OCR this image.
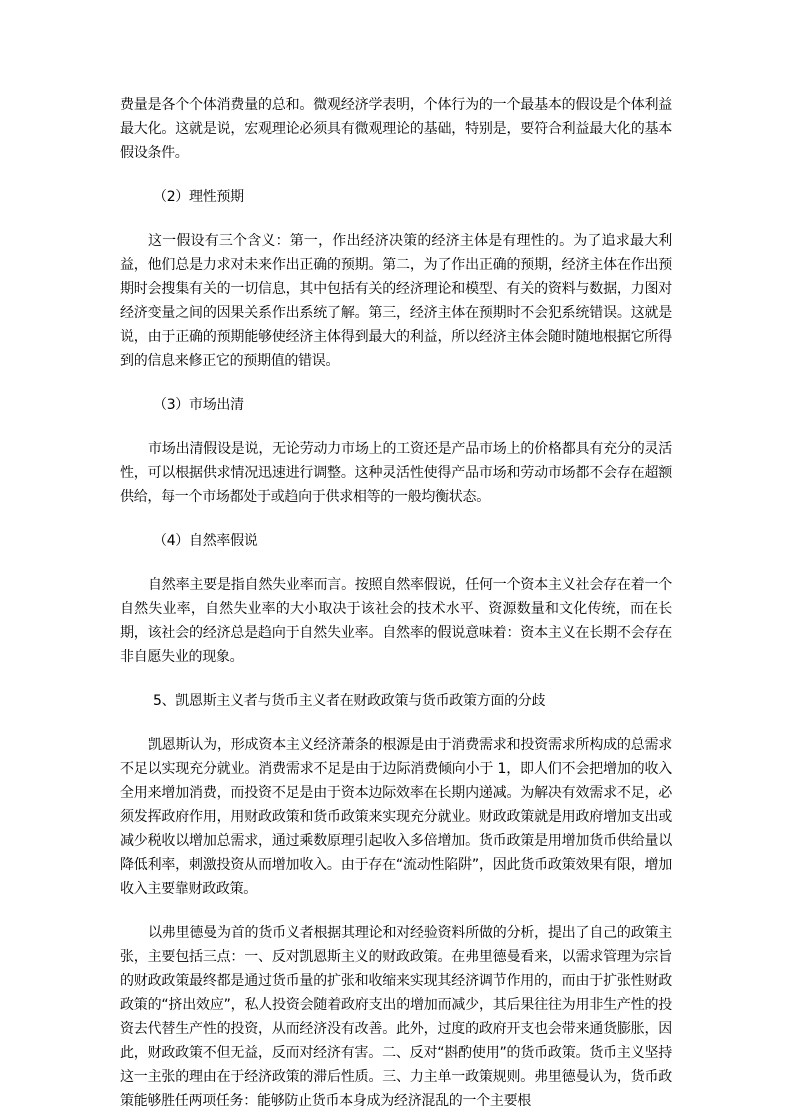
费量是各个个体消费量的总和。微观经济学表明，个体行为的一个最基本的假设是个体利益最大化。这就是说，宏观理论必须具有微观理论的基础，特别是，要符合利益最大化的基本假设条件。

（2）理性预期

这一假设有三个含义：第一，作出经济决策的经济主体是有理性的。为了追求最大利益，他们总是力求对未来作出正确的预期。第二，为了作出正确的预期，经济主体在作出预期时会搜集有关的一切信息，其中包括有关的经济理论和模型、有关的资料与数据，力图对经济变量之间的因果关系作出系统了解。第三，经济主体在预期时不会犯系统错误。这就是说，由于正确的预期能够使经济主体得到最大的利益，所以经济主体会随时随地根据它所得到的信息来修正它的预期值的错误。

（3）市场出清

市场出清假设是说，无论劳动力市场上的工资还是产品市场上的价格都具有充分的灵活性，可以根据供求情况迅速进行调整。这种灵活性使得产品市场和劳动市场都不会存在超额供给，每一个市场都处于或趋向于供求相等的一般均衡状态。

（4）自然率假说

自然率主要是指自然失业率而言。按照自然率假说，任何一个资本主义社会存在着一个自然失业率，自然失业率的大小取决于该社会的技术水平、资源数量和文化传统，而在长期，该社会的经济总是趋向于自然失业率。自然率的假说意味着：资本主义在长期不会存在非自愿失业的现象。

5、凯恩斯主义者与货币主义者在财政政策与货币政策方面的分歧

凯恩斯认为，形成资本主义经济萧条的根源是由于消费需求和投资需求所构成的总需求不足以实现充分就业。消费需求不足是由于边际消费倾向小于 1，即人们不会把增加的收入全用来增加消费，而投资不足是由于资本边际效率在长期内递减。为解决有效需求不足，必须发挥政府作用，用财政政策和货币政策来实现充分就业。财政政策就是用政府增加支出或减少税收以增加总需求，通过乘数原理引起收入多倍增加。货币政策是用增加货币供给量以降低利率，刺激投资从而增加收入。由于存在“流动性陷阱”，因此货币政策效果有限，增加收入主要靠财政政策。

以弗里德曼为首的货币义者根据其理论和对经验资料所做的分析，提出了自己的政策主张，主要包括三点：一、反对凯恩斯主义的财政政策。在弗里德曼看来，以需求管理为宗旨的财政政策最终都是通过货币量的扩张和收缩来实现其经济调节作用的，而由于扩张性财政政策的“挤出效应”，私人投资会随着政府支出的增加而减少，其后果往往为用非生产性的投资去代替生产性的投资，从而经济没有改善。此外，过度的政府开支也会带来通货膨胀，因此，财政政策不但无益，反而对经济有害。二、反对“斟酌使用”的货币政策。货币主义坚持这一主张的理由在于经济政策的滞后性质。三、力主单一政策规则。弗里德曼认为，货币政策能够胜任两项任务：能够防止货币本身成为经济混乱的一个主要根
